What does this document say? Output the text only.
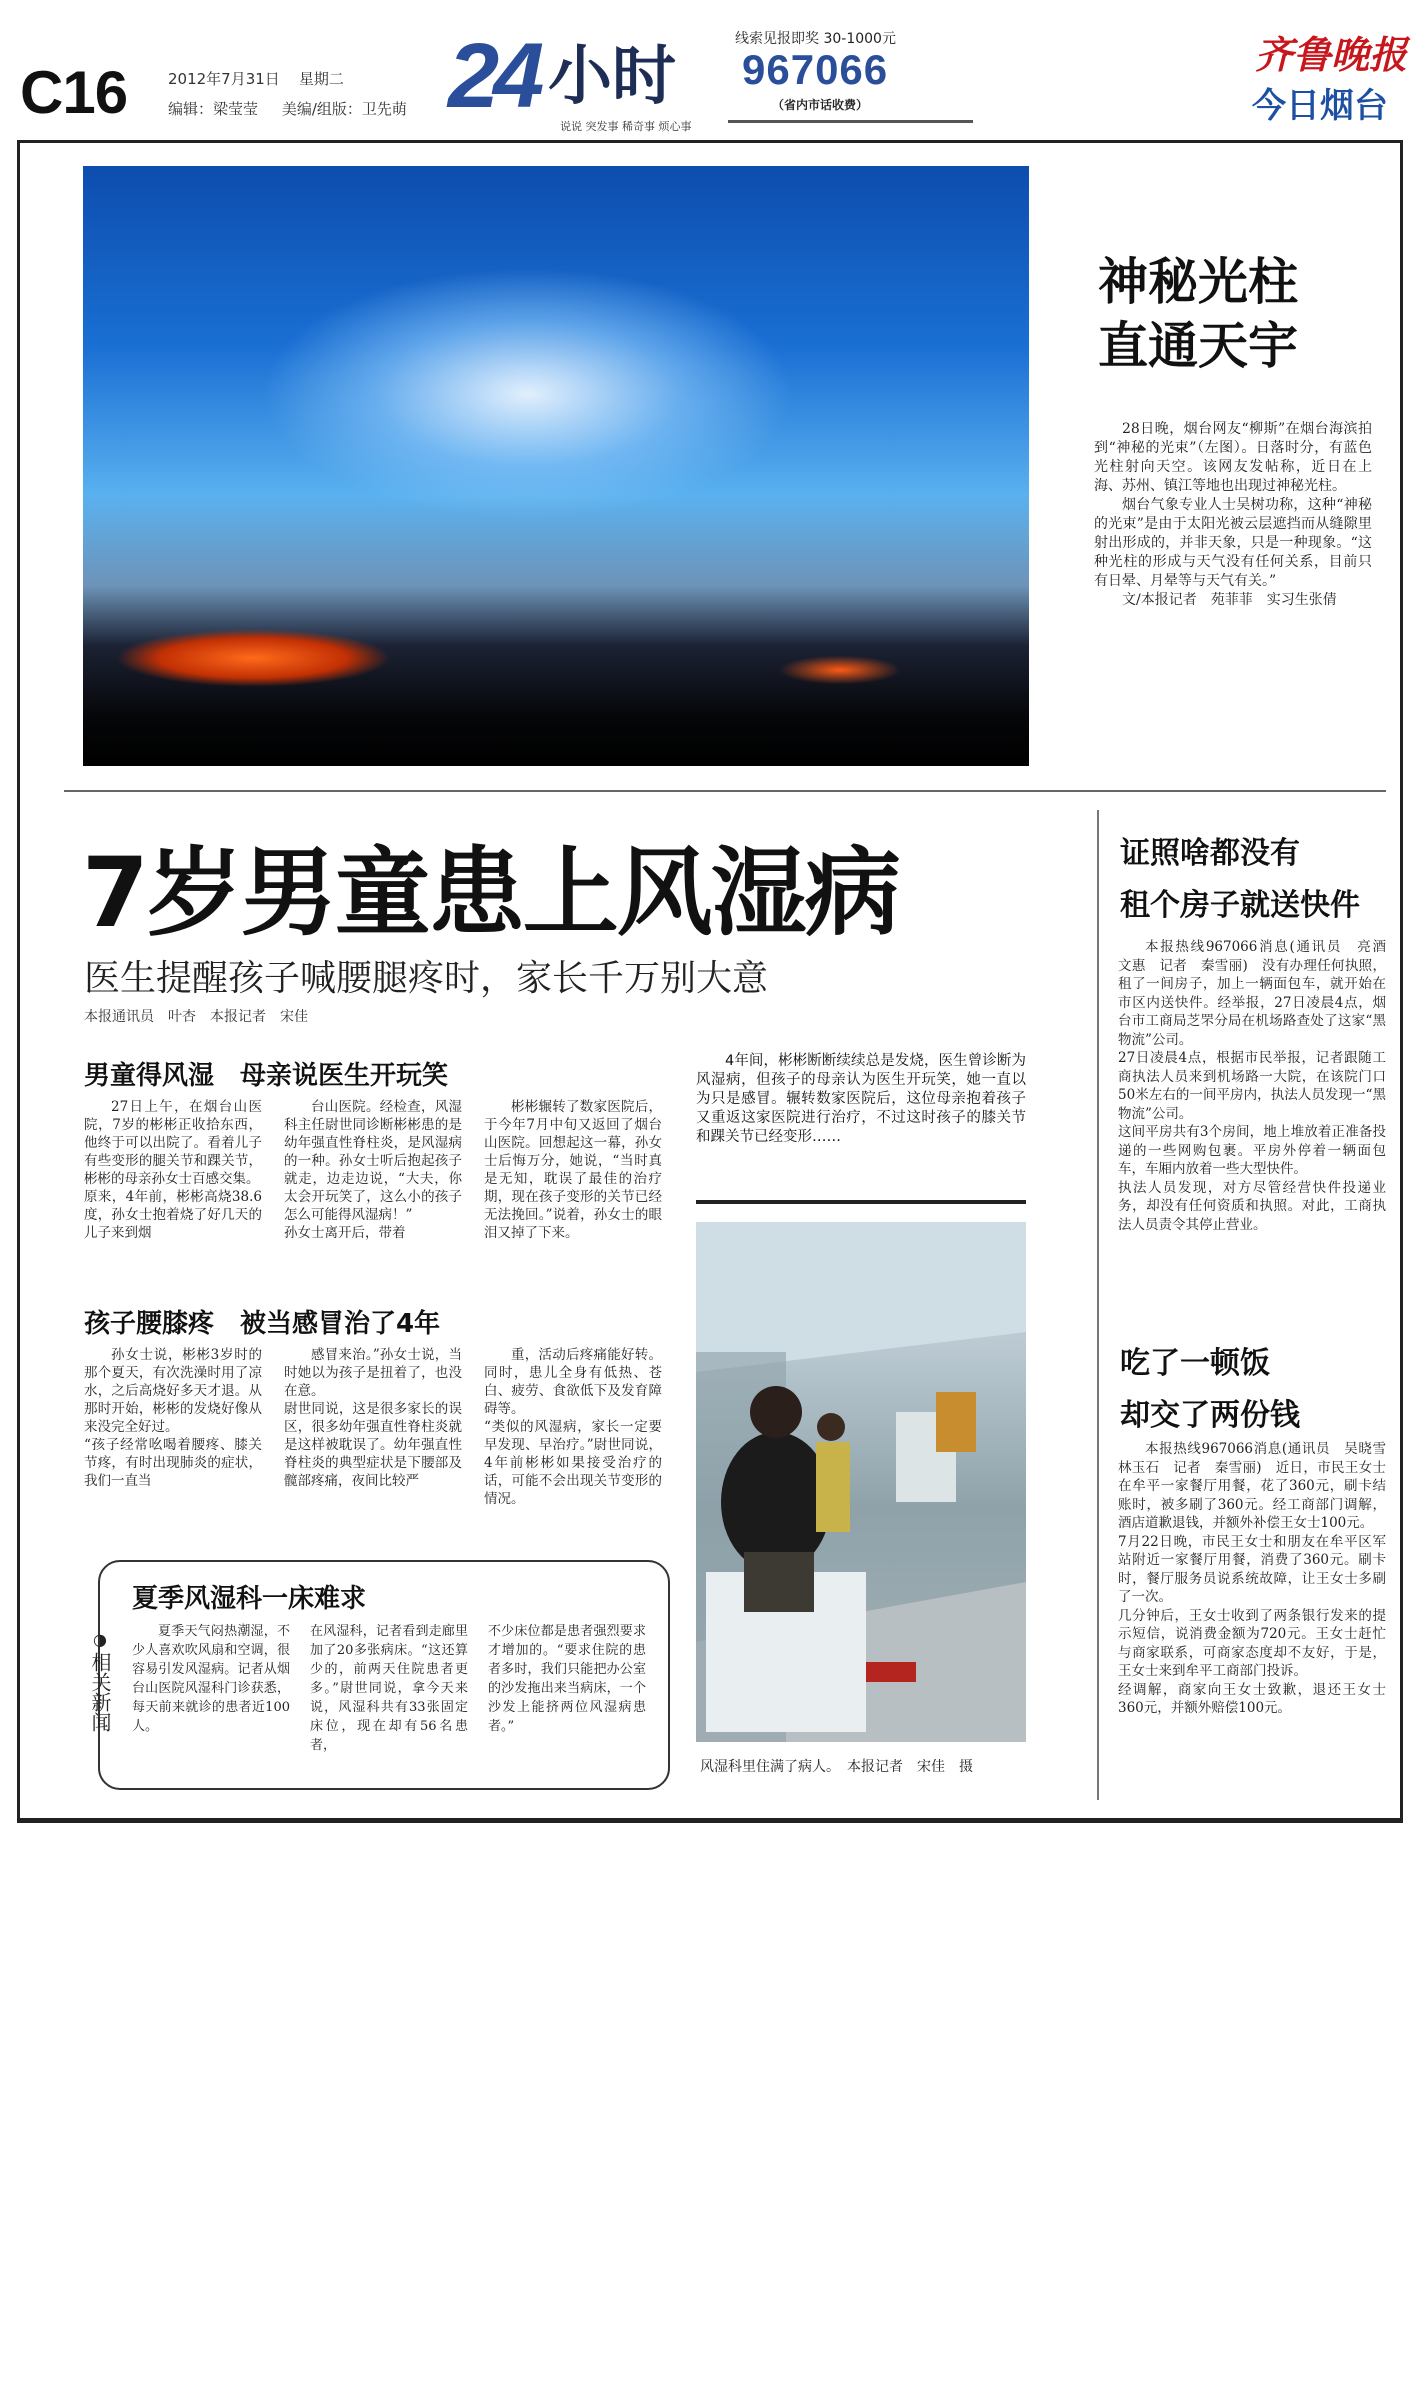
C16	2012年7月31日 星期二
编辑：梁莹莹 美编/组版：卫先萌 24 小时
说说 突发事 稀奇事 烦心事
线索见报即奖 30-1000元
967066
（省内市话收费）
齐鲁晚报
今日烟台
神秘光柱
直通天宇

28日晚，烟台网友“柳斯”在烟台海滨拍到“神秘的光束”（左图）。日落时分，有蓝色光柱射向天空。该网友发帖称，近日在上海、苏州、镇江等地也出现过神秘光柱。

烟台气象专业人士吴树功称，这种“神秘的光束”是由于太阳光被云层遮挡而从缝隙里射出形成的，并非天象，只是一种现象。“这种光柱的形成与天气没有任何关系，目前只有日晕、月晕等与天气有关。”

文/本报记者　苑菲菲　实习生张倩

7岁男童患上风湿病
医生提醒孩子喊腰腿疼时，家长千万别大意
本报通讯员　叶杏　本报记者　宋佳
男童得风湿　母亲说医生开玩笑

27日上午，在烟台山医院，7岁的彬彬正收拾东西，他终于可以出院了。看着儿子有些变形的腿关节和踝关节，彬彬的母亲孙女士百感交集。
原来，4年前，彬彬高烧38.6度，孙女士抱着烧了好几天的儿子来到烟

台山医院。经检查，风湿科主任尉世同诊断彬彬患的是幼年强直性脊柱炎，是风湿病的一种。孙女士听后抱起孩子就走，边走边说，“大夫，你太会开玩笑了，这么小的孩子怎么可能得风湿病！”
孙女士离开后，带着

彬彬辗转了数家医院后，于今年7月中旬又返回了烟台山医院。回想起这一幕，孙女士后悔万分，她说，“当时真是无知，耽误了最佳的治疗期，现在孩子变形的关节已经无法挽回。”说着，孙女士的眼泪又掉了下来。

孩子腰膝疼　被当感冒治了4年

孙女士说，彬彬3岁时的那个夏天，有次洗澡时用了凉水，之后高烧好多天才退。从那时开始，彬彬的发烧好像从来没完全好过。
“孩子经常吆喝着腰疼、膝关节疼，有时出现肺炎的症状，我们一直当

感冒来治。”孙女士说，当时她以为孩子是扭着了，也没在意。
尉世同说，这是很多家长的误区，很多幼年强直性脊柱炎就是这样被耽误了。幼年强直性脊柱炎的典型症状是下腰部及髋部疼痛，夜间比较严

重，活动后疼痛能好转。同时，患儿全身有低热、苍白、疲劳、食欲低下及发育障碍等。
“类似的风湿病，家长一定要早发现、早治疗。”尉世同说，4年前彬彬如果接受治疗的话，可能不会出现关节变形的情况。

夏季风湿科一床难求
◑
相关新闻

夏季天气闷热潮湿，不少人喜欢吹风扇和空调，很容易引发风湿病。记者从烟台山医院风湿科门诊获悉，每天前来就诊的患者近100人。

在风湿科，记者看到走廊里加了20多张病床。“这还算少的，前两天住院患者更多。”尉世同说，拿今天来说，风湿科共有33张固定床位，现在却有56名患者，

不少床位都是患者强烈要求才增加的。“要求住院的患者多时，我们只能把办公室的沙发拖出来当病床，一个沙发上能挤两位风湿病患者。”

4年间，彬彬断断续续总是发烧，医生曾诊断为风湿病，但孩子的母亲认为医生开玩笑，她一直以为只是感冒。辗转数家医院后，这位母亲抱着孩子又重返这家医院进行治疗，不过这时孩子的膝关节和踝关节已经变形……

风湿科里住满了病人。　本报记者　宋佳　摄
证照啥都没有
租个房子就送快件

本报热线967066消息(通讯员　亮酒　文惠　记者　秦雪丽)　没有办理任何执照，租了一间房子，加上一辆面包车，就开始在市区内送快件。经举报，27日凌晨4点，烟台市工商局芝罘分局在机场路查处了这家“黑物流”公司。
27日凌晨4点，根据市民举报，记者跟随工商执法人员来到机场路一大院，在该院门口50米左右的一间平房内，执法人员发现一“黑物流”公司。
这间平房共有3个房间，地上堆放着正准备投递的一些网购包裹。平房外停着一辆面包车，车厢内放着一些大型快件。
执法人员发现，对方尽管经营快件投递业务，却没有任何资质和执照。对此，工商执法人员责令其停止营业。

吃了一顿饭
却交了两份钱

本报热线967066消息(通讯员　吴晓雪　林玉石　记者　秦雪丽)　近日，市民王女士在牟平一家餐厅用餐，花了360元，刷卡结账时，被多刷了360元。经工商部门调解，酒店道歉退钱，并额外补偿王女士100元。
7月22日晚，市民王女士和朋友在牟平区军站附近一家餐厅用餐，消费了360元。刷卡时，餐厅服务员说系统故障，让王女士多刷了一次。
几分钟后，王女士收到了两条银行发来的提示短信，说消费金额为720元。王女士赶忙与商家联系，可商家态度却不友好，于是，王女士来到牟平工商部门投诉。
经调解，商家向王女士致歉，退还王女士360元，并额外赔偿100元。
